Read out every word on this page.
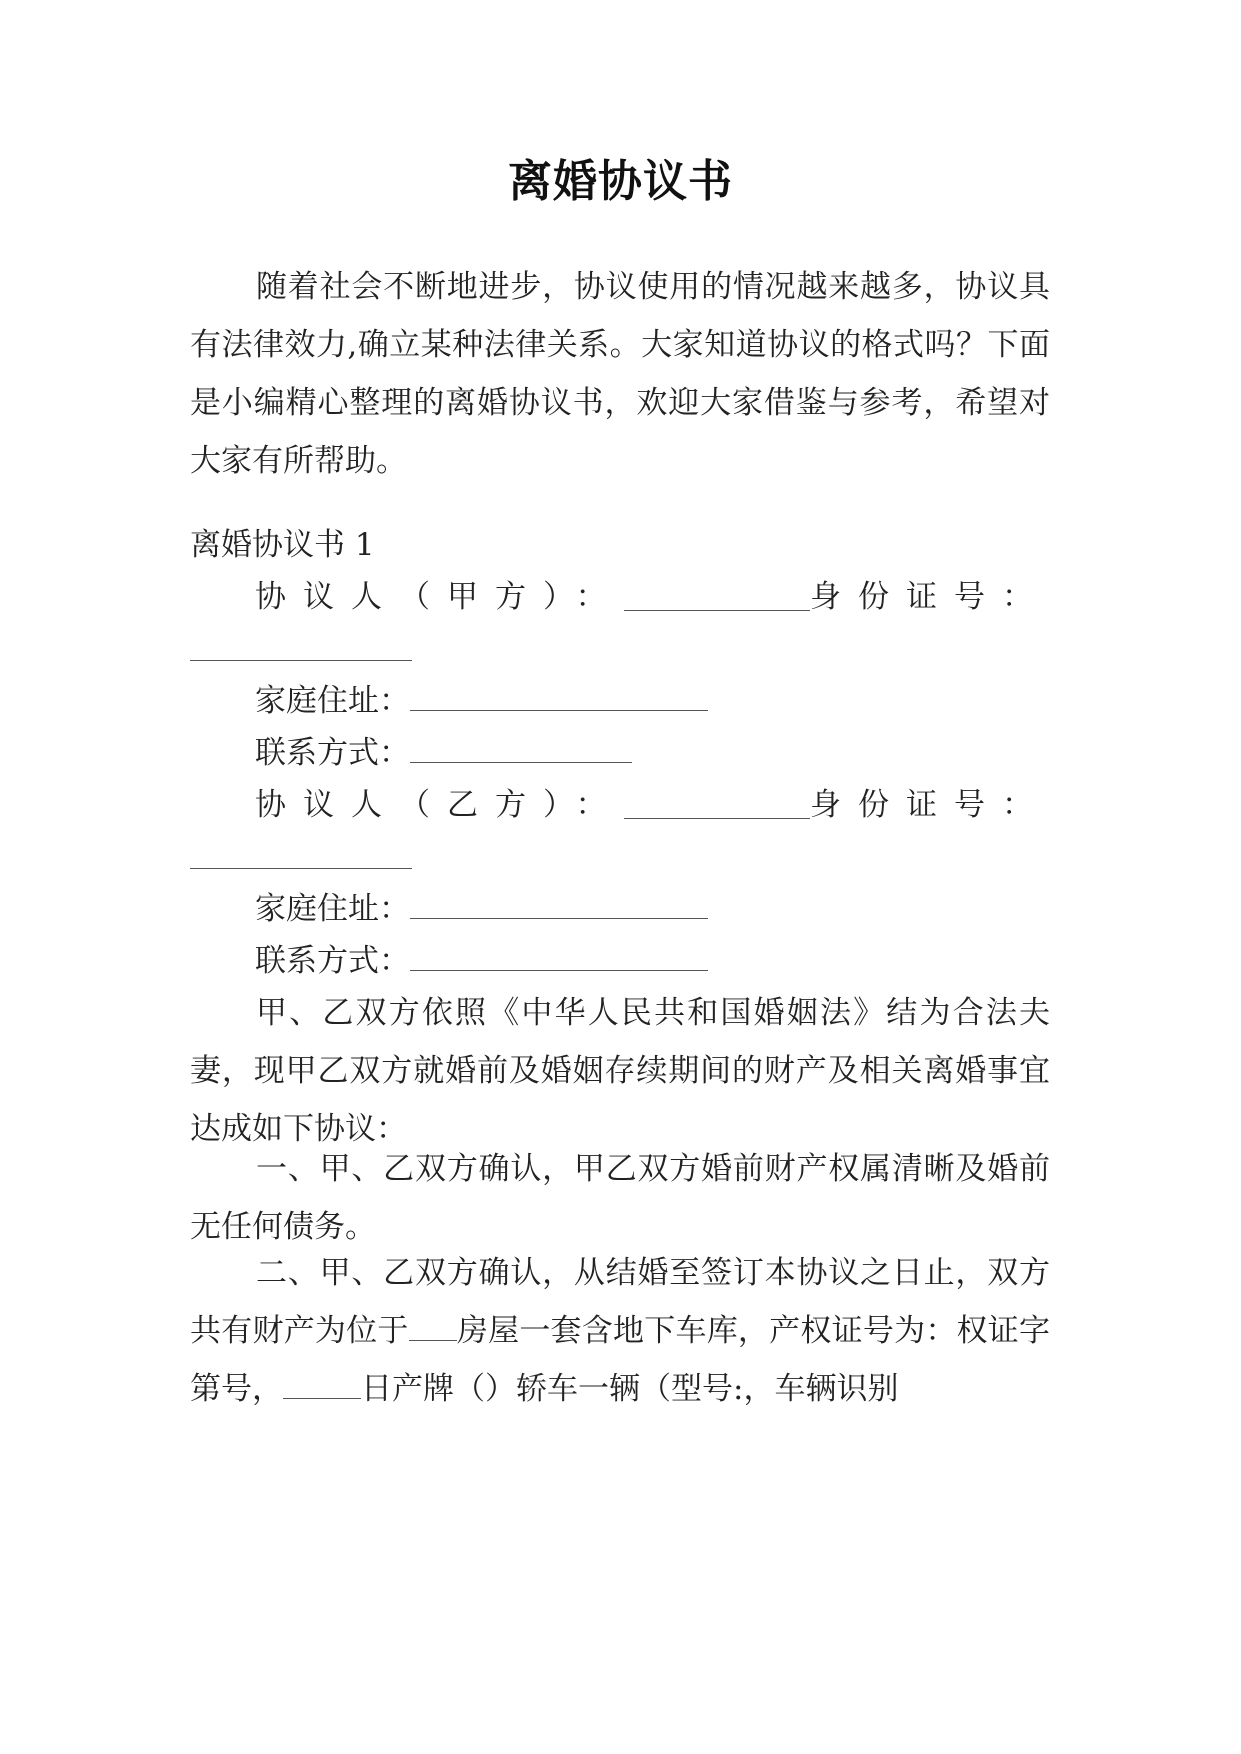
离婚协议书
随着社会不断地进步，协议使用的情况越来越多，协议具有法律效力,确立某种法律关系。大家知道协议的格式吗？下面是小编精心整理的离婚协议书，欢迎大家借鉴与参考，希望对大家有所帮助。
离婚协议书 1
协议人（甲方）：	身份证号：
家庭住址：
联系方式：
协议人（乙方）：	身份证号：
家庭住址：
联系方式：
甲、乙双方依照《中华人民共和国婚姻法》结为合法夫妻，现甲乙双方就婚前及婚姻存续期间的财产及相关离婚事宜达成如下协议：
一、甲、乙双方确认，甲乙双方婚前财产权属清晰及婚前无任何债务。
二、甲、乙双方确认，从结婚至签订本协议之日止，双方共有财产为位于 房屋一套含地下车库，产权证号为：权证字第号，	日产牌（）轿车一辆（型号:，车辆识别
